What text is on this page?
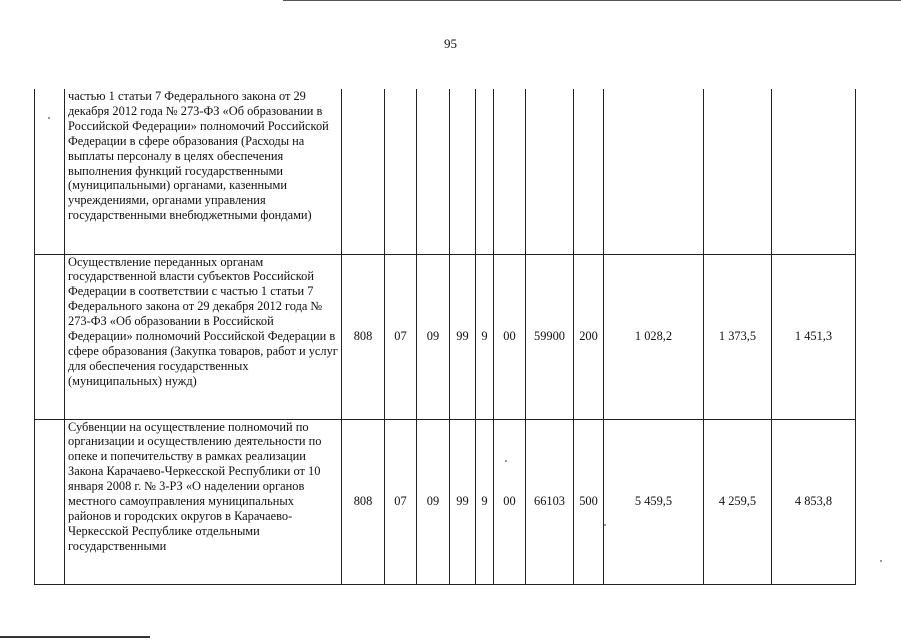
95
	частью 1 статьи 7 Федерального закона от 29 декабря 2012 года № 273-ФЗ «Об образовании в Российской Федерации» полномочий Российской Федерации в сфере образования (Расходы на выплаты персоналу в целях обеспечения выполнения функций государственными (муниципальными) органами, казенными учреждениями, органами управления государственными внебюджетными фондами)											
	Осуществление переданных органам государственной власти субъектов Российской Федерации в соответствии с частью 1 статьи 7 Федерального закона от 29 декабря 2012 года № 273-ФЗ «Об образовании в Российской Федерации» полномочий Российской Федерации в сфере образования (Закупка товаров, работ и услуг для обеспечения государственных (муниципальных) нужд)	808	07	09	99	9	00	59900	200	1 028,2	1 373,5	1 451,3
	Субвенции на осуществление полномочий по организации и осуществлению деятельности по опеке и попечительству в рамках реализации Закона Карачаево-Черкесской Республики от 10 января 2008 г. № 3-РЗ «О наделении органов местного самоуправления муниципальных районов и городских округов в Карачаево-Черкесской Республике отдельными государственными	808	07	09	99	9	00	66103	500	5 459,5	4 259,5	4 853,8
